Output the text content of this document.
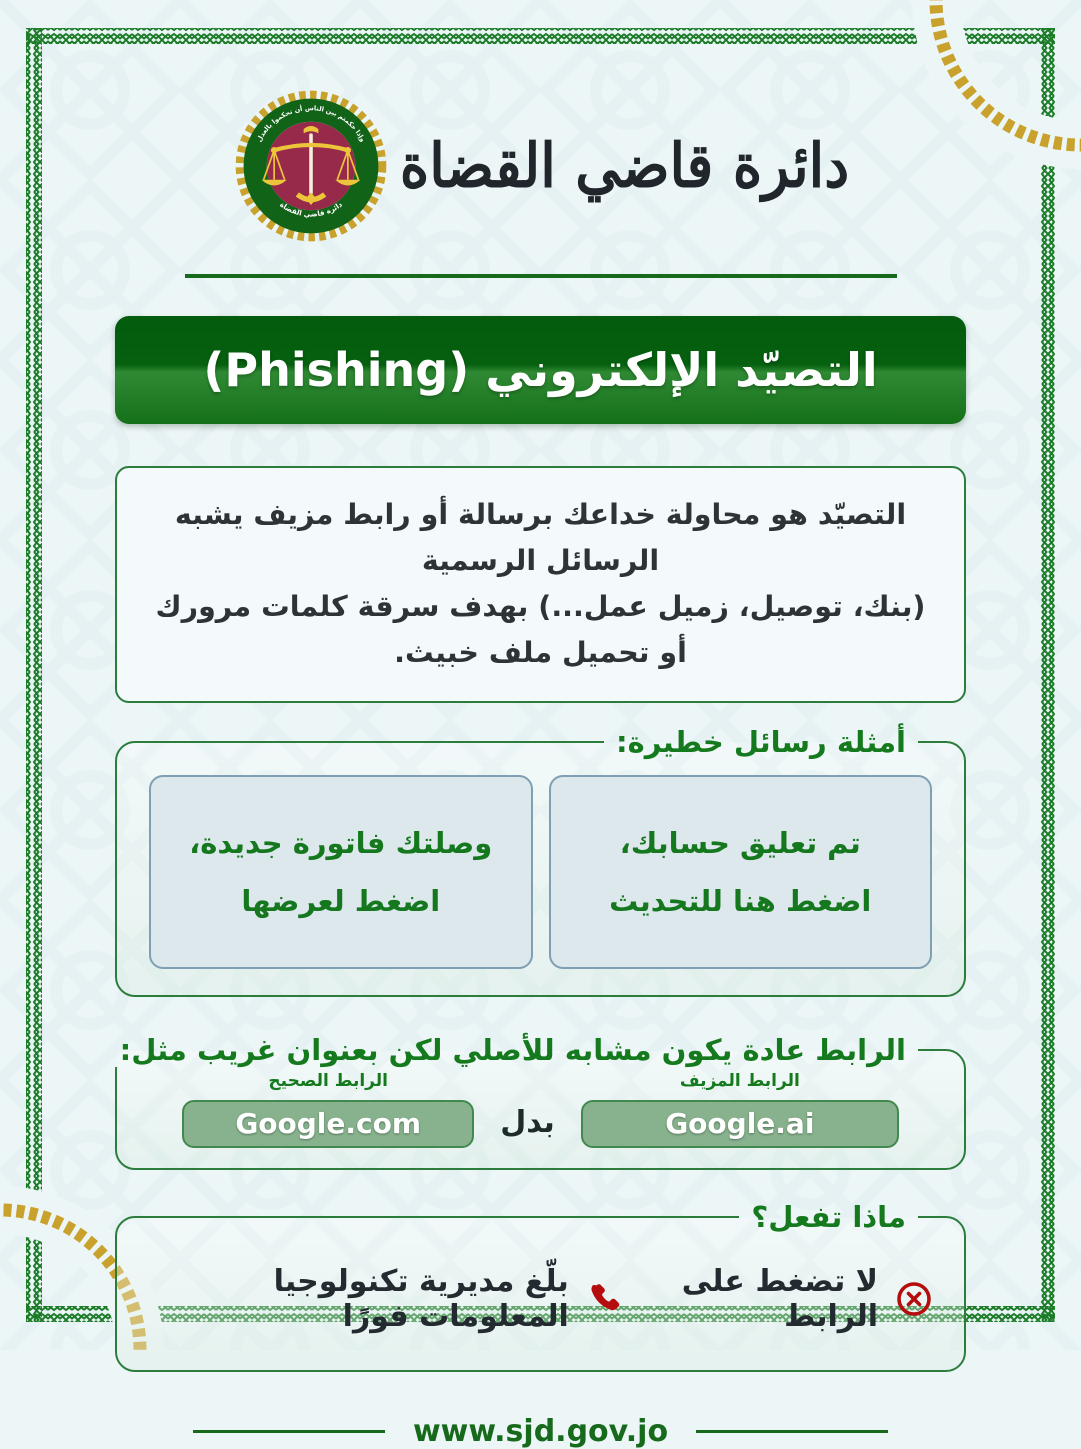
دائرة قاضي القضاة
وإذا حكمتم بين الناس أن تحكموا بالعدل
دائرة قاضي القضاة
التصيّد الإلكتروني (Phishing)
التصيّد هو محاولة خداعك برسالة أو رابط مزيف يشبه الرسائل الرسمية
(بنك، توصيل، زميل عمل...) بهدف سرقة كلمات مرورك أو تحميل ملف خبيث.
أمثلة رسائل خطيرة:
تم تعليق حسابك،
اضغط هنا للتحديث
وصلتك فاتورة جديدة،
اضغط لعرضها
الرابط عادة يكون مشابه للأصلي لكن بعنوان غريب مثل:
الرابط المزيف
Google.ai
بدل
الرابط الصحيح
Google.com
ماذا تفعل؟
لا تضغط على الرابط
بلّغ مديرية تكنولوجيا المعلومات فورًا
www.sjd.gov.jo
